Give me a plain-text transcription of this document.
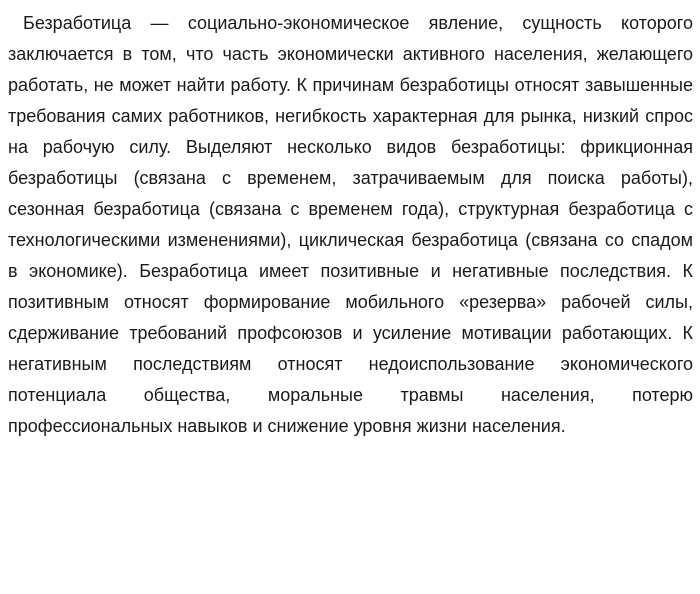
Безработица — социально-экономическое явление, сущность которого заключается в том, что часть экономически активного населения, желающего работать, не может найти работу. К причинам безработицы относят завышенные требования самих работников, негибкость характерная для рынка, низкий спрос на рабочую силу. Выделяют несколько видов безработицы: фрикционная безработицы (связана с временем, затрачиваемым для поиска работы), сезонная безработица (связана с временем года), структурная безработица с технологическими изменениями), циклическая безработица (связана со спадом в экономике). Безработица имеет позитивные и негативные последствия. К позитивным относят формирование мобильного «резерва» рабочей силы, сдерживание требований профсоюзов и усиление мотивации работающих. К негативным последствиям относят недоиспользование экономического потенциала общества, моральные травмы населения, потерю профессиональных навыков и снижение уровня жизни населения.
